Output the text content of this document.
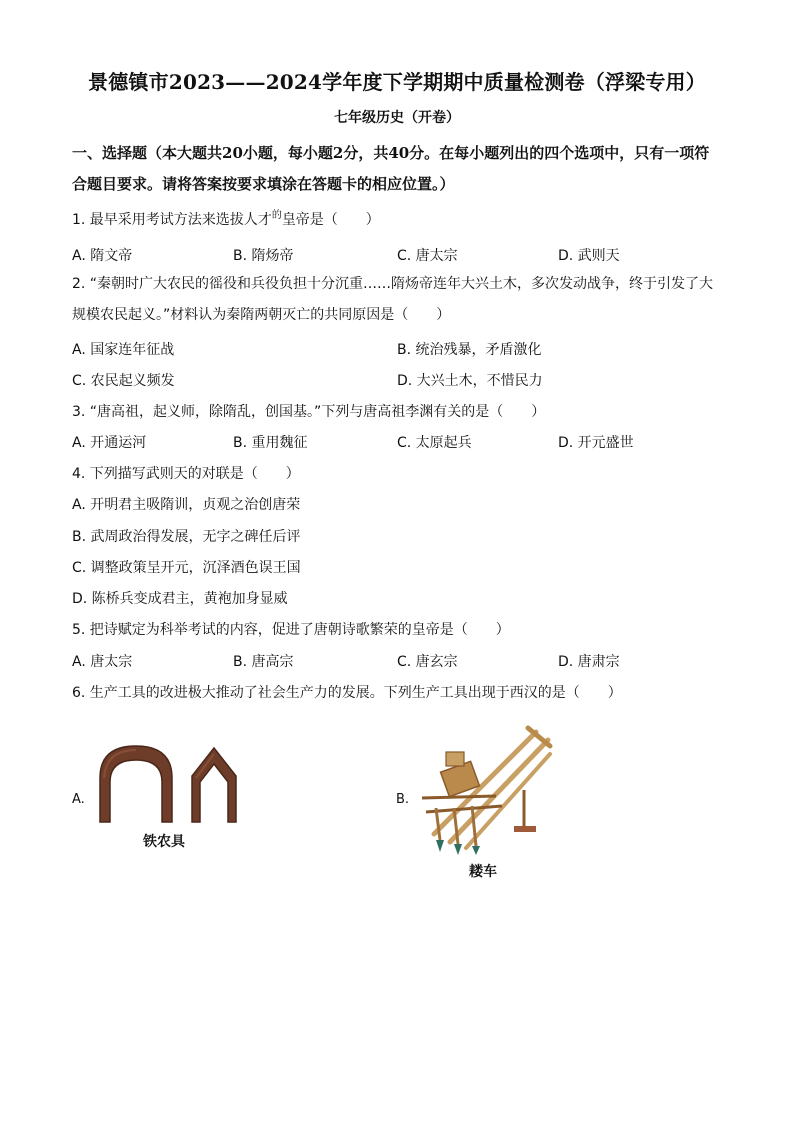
景德镇市2023——2024学年度下学期期中质量检测卷（浮梁专用）
七年级历史（开卷）
一、选择题（本大题共20小题，每小题2分，共40分。在每小题列出的四个选项中，只有一项符合题目要求。请将答案按要求填涂在答题卡的相应位置。）
1. 最早采用考试方法来选拔人才$^的$皇帝是（　　）
A. 隋文帝	B. 隋炀帝	C. 唐太宗	D. 武则天
2. “秦朝时广大农民的徭役和兵役负担十分沉重……隋炀帝连年大兴土木，多次发动战争，终于引发了大规模农民起义。”材料认为秦隋两朝灭亡的共同原因是（　　）
A. 国家连年征战	B. 统治残暴，矛盾激化
C. 农民起义频发	D. 大兴土木，不惜民力
3. “唐高祖，起义师，除隋乱，创国基。”下列与唐高祖李渊有关的是（　　）
A. 开通运河	B. 重用魏征	C. 太原起兵	D. 开元盛世
4. 下列描写武则天的对联是（　　）
A. 开明君主吸隋训，贞观之治创唐荣
B. 武周政治得发展，无字之碑任后评
C. 调整政策呈开元，沉泽酒色误王国
D. 陈桥兵变成君主，黄袍加身显威
5. 把诗赋定为科举考试的内容，促进了唐朝诗歌繁荣的皇帝是（　　）
A. 唐太宗	B. 唐高宗	C. 唐玄宗	D. 唐肃宗
6. 生产工具的改进极大推动了社会生产力的发展。下列生产工具出现于西汉的是（　　）
A.
铁农具
B.
耧车
